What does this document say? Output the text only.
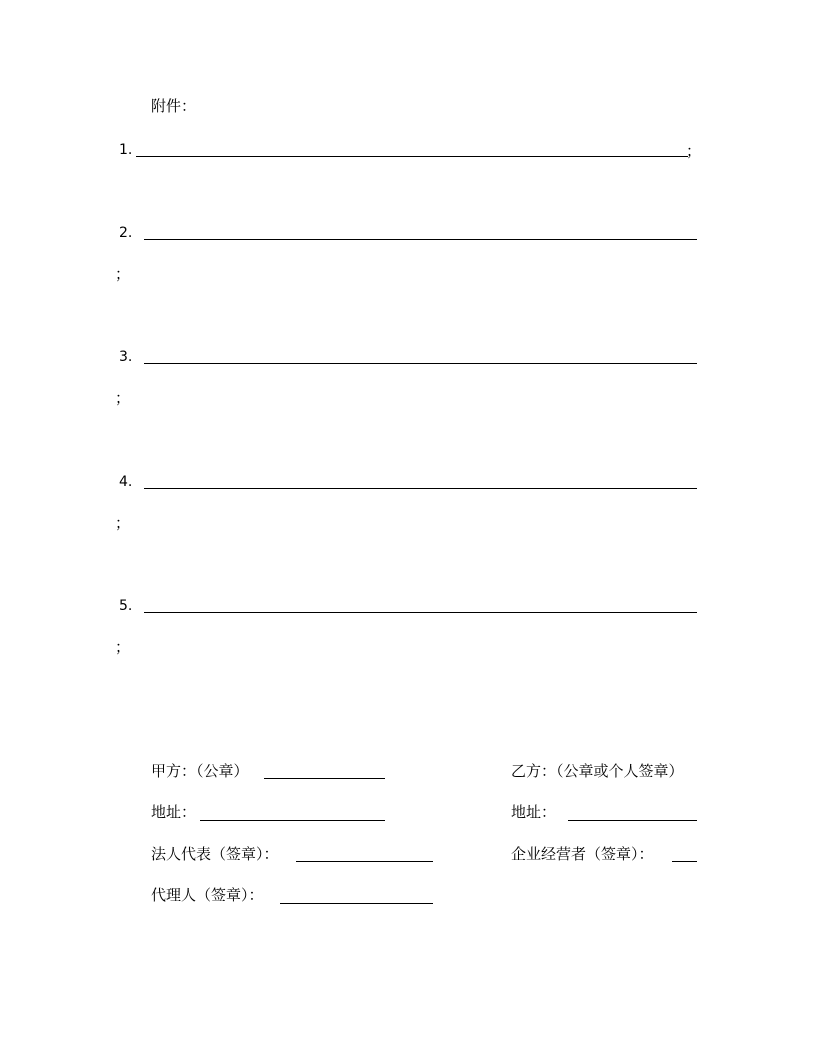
附件：
1.	；
2.
；
3.
；
4.
；
5.
；
甲方：（公章）
地址：
法人代表（签章）：
代理人（签章）：
乙方：（公章或个人签章）
地址：
企业经营者（签章）：
